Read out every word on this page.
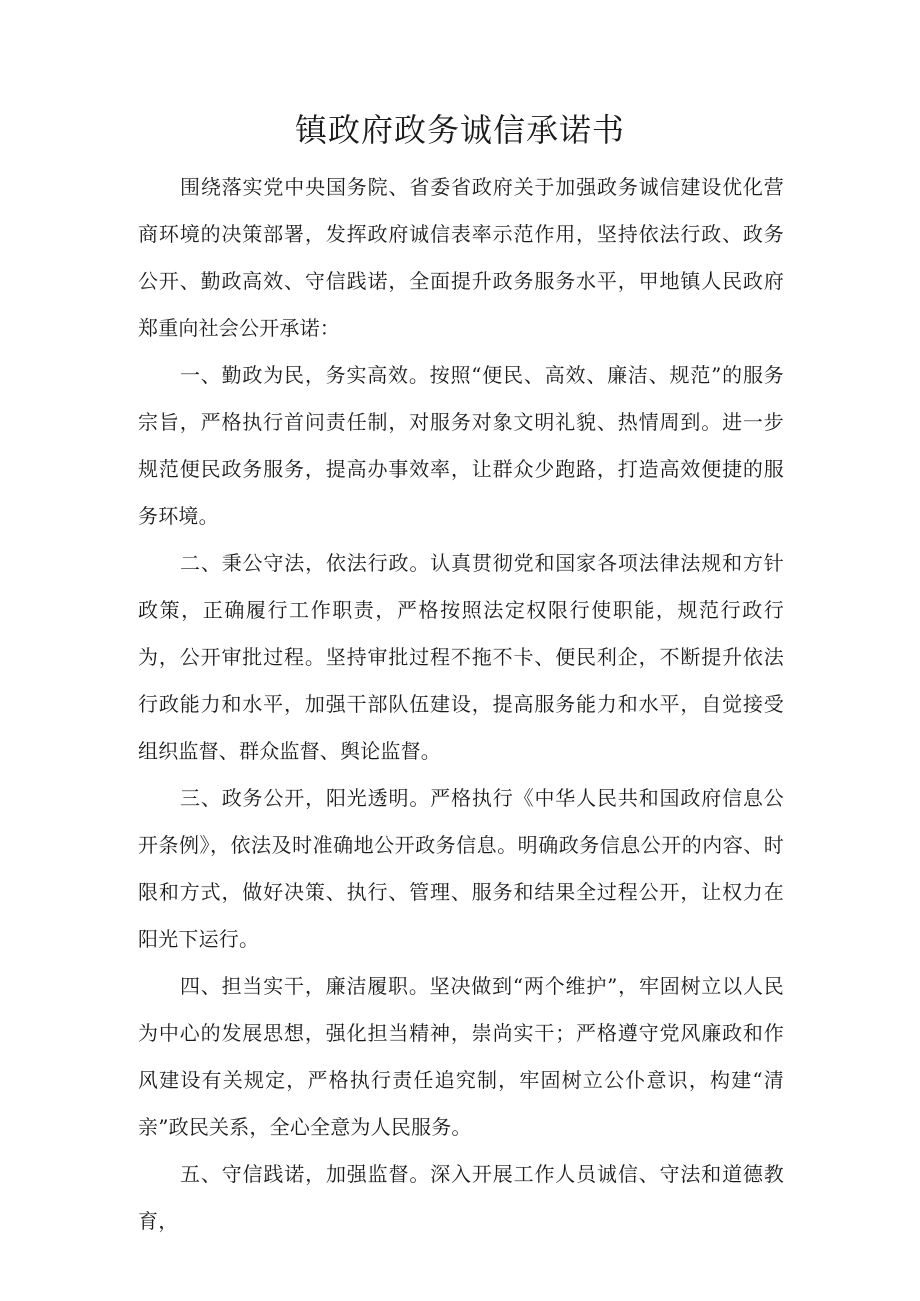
镇政府政务诚信承诺书

围绕落实党中央国务院、省委省政府关于加强政务诚信建设优化营商环境的决策部署，发挥政府诚信表率示范作用，坚持依法行政、政务公开、勤政高效、守信践诺，全面提升政务服务水平，甲地镇人民政府郑重向社会公开承诺：

一、勤政为民，务实高效。按照“便民、高效、廉洁、规范”的服务宗旨，严格执行首问责任制，对服务对象文明礼貌、热情周到。进一步规范便民政务服务，提高办事效率，让群众少跑路，打造高效便捷的服务环境。

二、秉公守法，依法行政。认真贯彻党和国家各项法律法规和方针政策，正确履行工作职责，严格按照法定权限行使职能，规范行政行为，公开审批过程。坚持审批过程不拖不卡、便民利企，不断提升依法行政能力和水平，加强干部队伍建设，提高服务能力和水平，自觉接受组织监督、群众监督、舆论监督。

三、政务公开，阳光透明。严格执行《中华人民共和国政府信息公开条例》，依法及时准确地公开政务信息。明确政务信息公开的内容、时限和方式，做好决策、执行、管理、服务和结果全过程公开，让权力在阳光下运行。

四、担当实干，廉洁履职。坚决做到“两个维护”，牢固树立以人民为中心的发展思想，强化担当精神，崇尚实干；严格遵守党风廉政和作风建设有关规定，严格执行责任追究制，牢固树立公仆意识，构建“清亲”政民关系，全心全意为人民服务。

五、守信践诺，加强监督。深入开展工作人员诚信、守法和道德教育，
